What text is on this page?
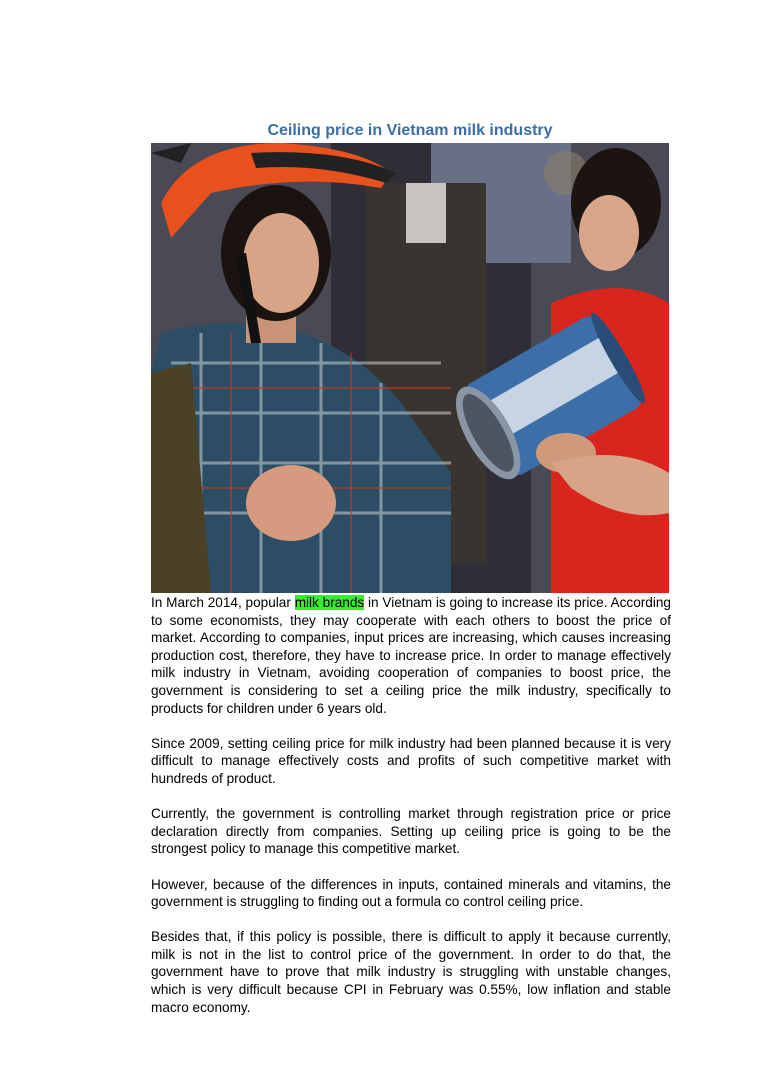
Ceiling price in Vietnam milk industry

In March 2014, popular milk brands in Vietnam is going to increase its price. According to some economists, they may cooperate with each others to boost the price of market. According to companies, input prices are increasing, which causes increasing production cost, therefore, they have to increase price. In order to manage effectively milk industry in Vietnam, avoiding cooperation of companies to boost price, the government is considering to set a ceiling price the milk industry, specifically to products for children under 6 years old.

Since 2009, setting ceiling price for milk industry had been planned because it is very difficult to manage effectively costs and profits of such competitive market with hundreds of product.

Currently, the government is controlling market through registration price or price declaration directly from companies. Setting up ceiling price is going to be the strongest policy to manage this competitive market.

However, because of the differences in inputs, contained minerals and vitamins, the government is struggling to finding out a formula co control ceiling price.

Besides that, if this policy is possible, there is difficult to apply it because currently, milk is not in the list to control price of the government. In order to do that, the government have to prove that milk industry is struggling with unstable changes, which is very difficult because CPI in February was 0.55%, low inflation and stable macro economy.
